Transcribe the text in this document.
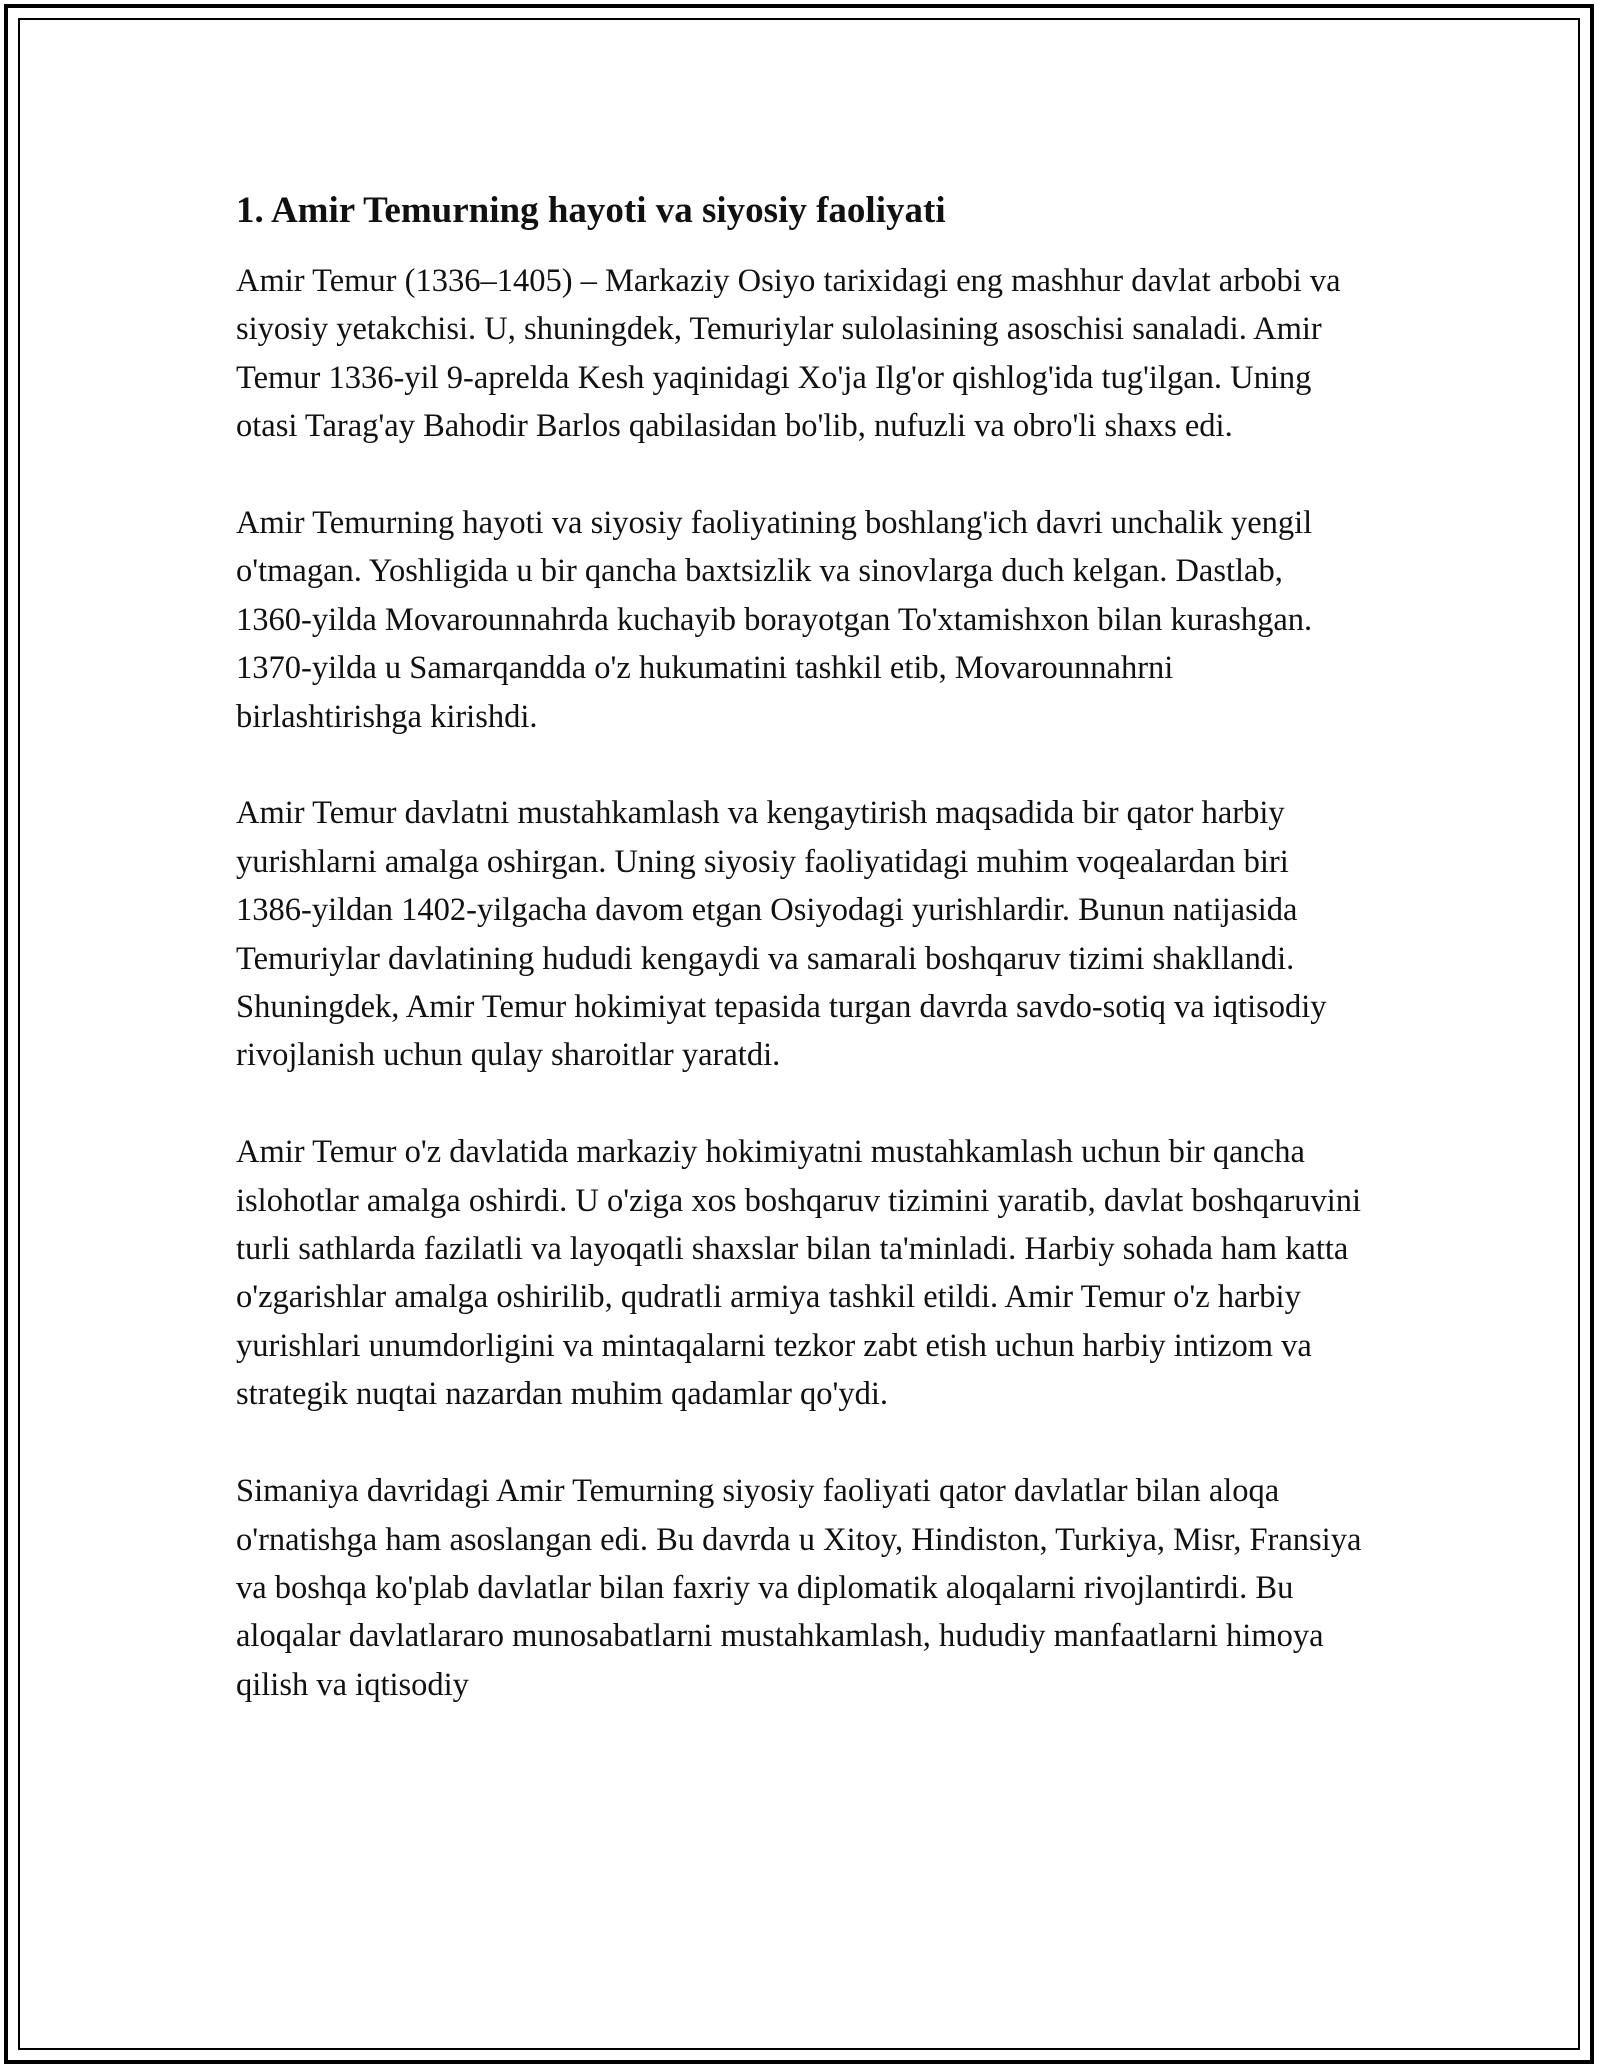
1. Amir Temurning hayoti va siyosiy faoliyati

Amir Temur (1336–1405) – Markaziy Osiyo tarixidagi eng mashhur davlat arbobi va siyosiy yetakchisi. U, shuningdek, Temuriylar sulolasining asoschisi sanaladi. Amir Temur 1336-yil 9-aprelda Kesh yaqinidagi Xo'ja Ilg'or qishlog'ida tug'ilgan. Uning otasi Tarag'ay Bahodir Barlos qabilasidan bo'lib, nufuzli va obro'li shaxs edi.

Amir Temurning hayoti va siyosiy faoliyatining boshlang'ich davri unchalik yengil o'tmagan. Yoshligida u bir qancha baxtsizlik va sinovlarga duch kelgan. Dastlab, 1360-yilda Movarounnahrda kuchayib borayotgan To'xtamishxon bilan kurashgan. 1370-yilda u Samarqandda o'z hukumatini tashkil etib, Movarounnahrni birlashtirishga kirishdi.

Amir Temur davlatni mustahkamlash va kengaytirish maqsadida bir qator harbiy yurishlarni amalga oshirgan. Uning siyosiy faoliyatidagi muhim voqealardan biri 1386-yildan 1402-yilgacha davom etgan Osiyodagi yurishlardir. Bunun natijasida Temuriylar davlatining hududi kengaydi va samarali boshqaruv tizimi shakllandi. Shuningdek, Amir Temur hokimiyat tepasida turgan davrda savdo-sotiq va iqtisodiy rivojlanish uchun qulay sharoitlar yaratdi.

Amir Temur o'z davlatida markaziy hokimiyatni mustahkamlash uchun bir qancha islohotlar amalga oshirdi. U o'ziga xos boshqaruv tizimini yaratib, davlat boshqaruvini turli sathlarda fazilatli va layoqatli shaxslar bilan ta'minladi. Harbiy sohada ham katta o'zgarishlar amalga oshirilib, qudratli armiya tashkil etildi. Amir Temur o'z harbiy yurishlari unumdorligini va mintaqalarni tezkor zabt etish uchun harbiy intizom va strategik nuqtai nazardan muhim qadamlar qo'ydi.

Simaniya davridagi Amir Temurning siyosiy faoliyati qator davlatlar bilan aloqa o'rnatishga ham asoslangan edi. Bu davrda u Xitoy, Hindiston, Turkiya, Misr, Fransiya va boshqa ko'plab davlatlar bilan faxriy va diplomatik aloqalarni rivojlantirdi. Bu aloqalar davlatlararo munosabatlarni mustahkamlash, hududiy manfaatlarni himoya qilish va iqtisodiy
